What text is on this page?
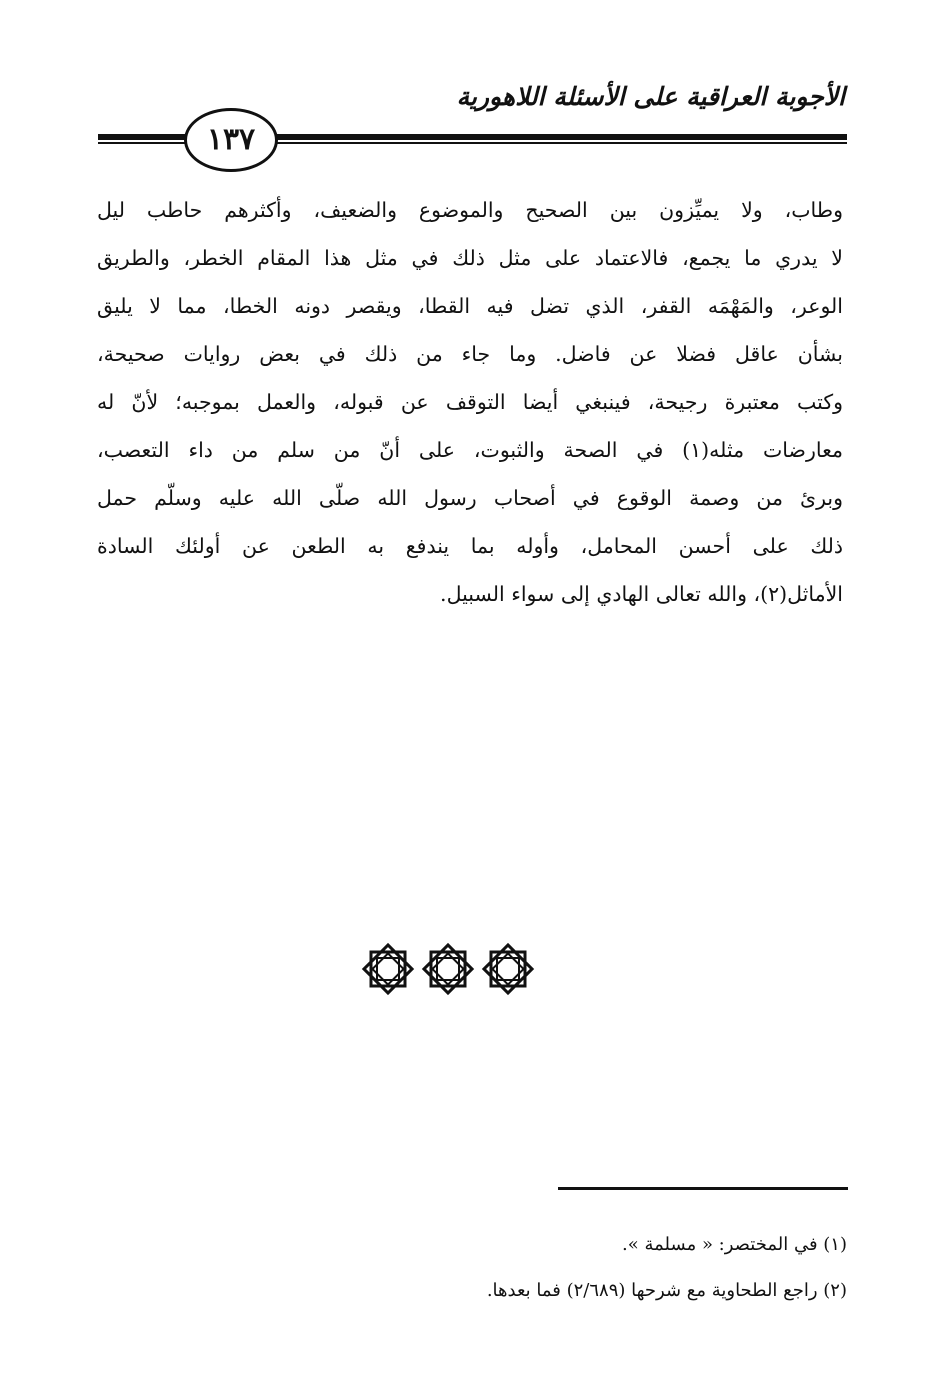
الأجوبة العراقية على الأسئلة اللاهورية
١٣٧
وطاب، ولا يميِّزون بين الصحيح والموضوع والضعيف، وأكثرهم حاطب ليل
لا يدري ما يجمع، فالاعتماد على مثل ذلك في مثل هذا المقام الخطر، والطريق
الوعر، والمَهْمَه القفر، الذي تضل فيه القطا، ويقصر دونه الخطا، مما لا يليق
بشأن عاقل فضلا عن فاضل. وما جاء من ذلك في بعض روايات صحيحة،
وكتب معتبرة رجيحة، فينبغي أيضا التوقف عن قبوله، والعمل بموجبه؛ لأنّ له
معارضات مثله(١) في الصحة والثبوت، على أنّ من سلم من داء التعصب،
وبرئ من وصمة الوقوع في أصحاب رسول الله صلّى الله عليه وسلّم حمل
ذلك على أحسن المحامل، وأوله بما يندفع به الطعن عن أولئك السادة
الأماثل(٢)، والله تعالى الهادي إلى سواء السبيل.
(١) في المختصر: « مسلمة ».
(٢) راجع الطحاوية مع شرحها (٢/٦٨٩) فما بعدها.
